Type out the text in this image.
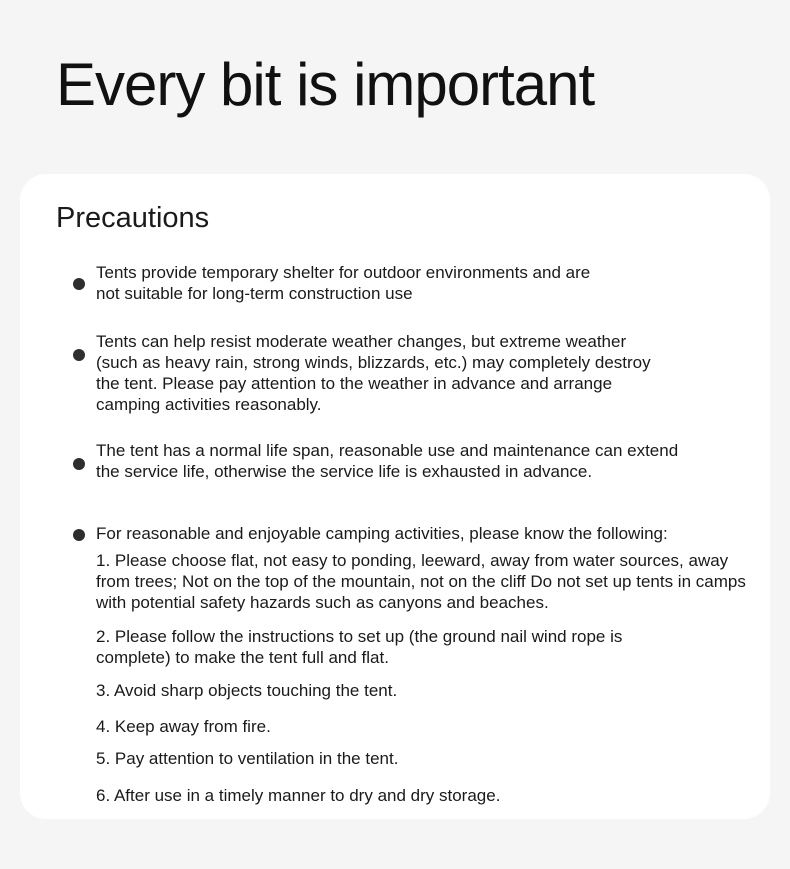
Every bit is important
Precautions
Tents provide temporary shelter for outdoor environments and are not suitable for long-term construction use
Tents can help resist moderate weather changes, but extreme weather (such as heavy rain, strong winds, blizzards, etc.) may completely destroy the tent. Please pay attention to the weather in advance and arrange camping activities reasonably.
The tent has a normal life span, reasonable use and maintenance can extend the service life, otherwise the service life is exhausted in advance.
For reasonable and enjoyable camping activities, please know the following:
1. Please choose flat, not easy to ponding, leeward, away from water sources, away from trees; Not on the top of the mountain, not on the cliff Do not set up tents in camps with potential safety hazards such as canyons and beaches.
2. Please follow the instructions to set up (the ground nail wind rope is complete) to make the tent full and flat.
3. Avoid sharp objects touching the tent.
4. Keep away from fire.
5. Pay attention to ventilation in the tent.
6. After use in a timely manner to dry and dry storage.
